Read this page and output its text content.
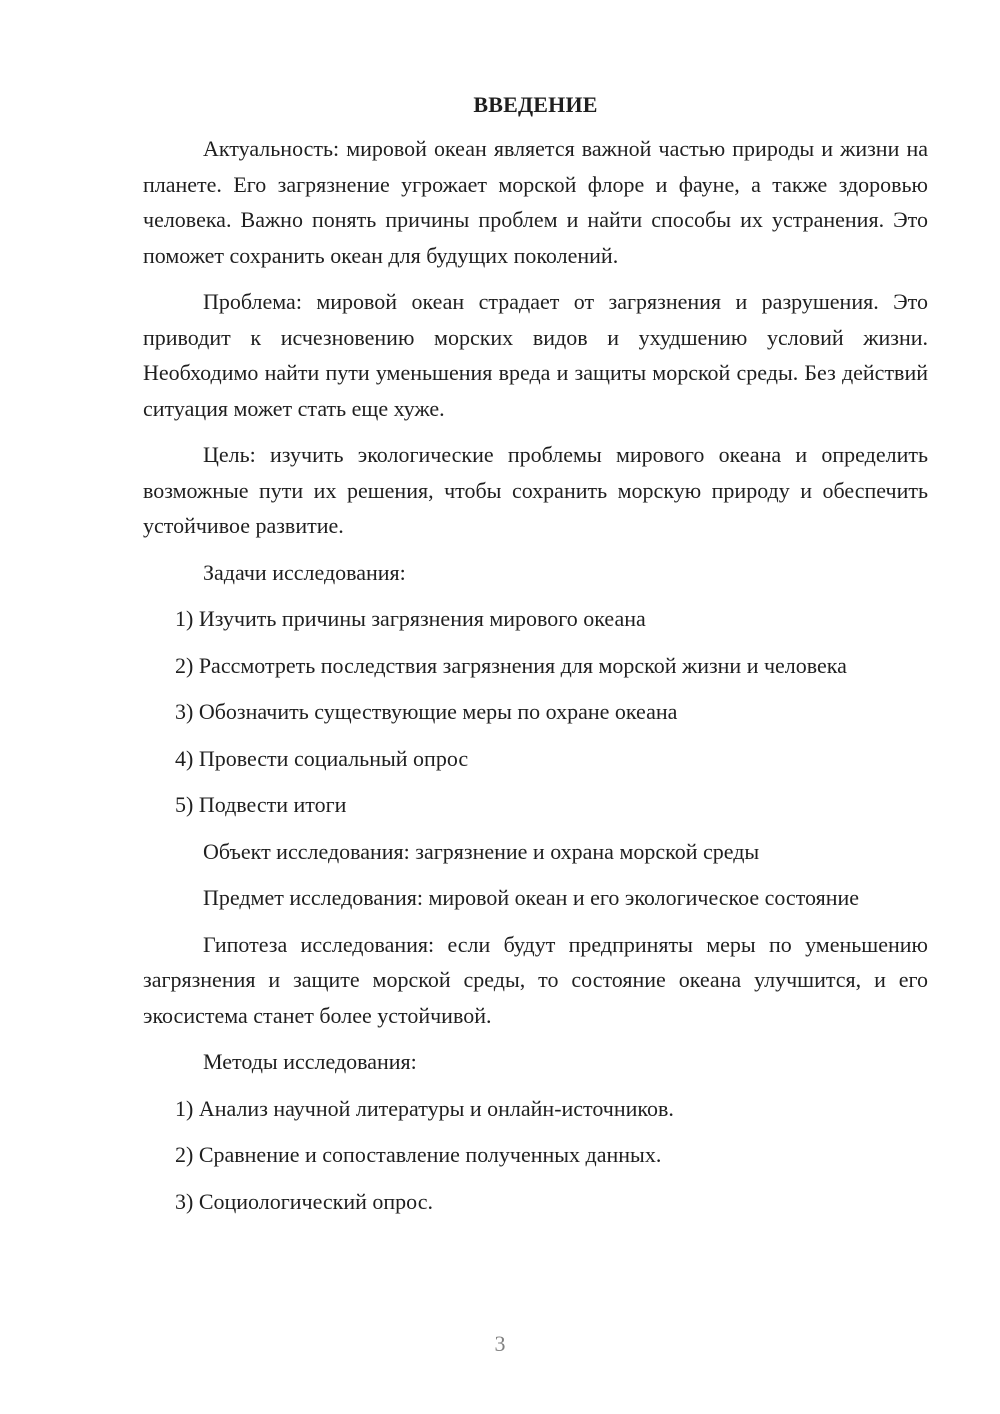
ВВЕДЕНИЕ

Актуальность: мировой океан является важной частью природы и жизни на планете. Его загрязнение угрожает морской флоре и фауне, а также здоровью человека. Важно понять причины проблем и найти способы их устранения. Это поможет сохранить океан для будущих поколений.

Проблема: мировой океан страдает от загрязнения и разрушения. Это приводит к исчезновению морских видов и ухудшению условий жизни. Необходимо найти пути уменьшения вреда и защиты морской среды. Без действий ситуация может стать еще хуже.

Цель: изучить экологические проблемы мирового океана и определить возможные пути их решения, чтобы сохранить морскую природу и обеспечить устойчивое развитие.

Задачи исследования:

1) Изучить причины загрязнения мирового океана

2) Рассмотреть последствия загрязнения для морской жизни и человека

3) Обозначить существующие меры по охране океана

4) Провести социальный опрос

5) Подвести итоги

Объект исследования: загрязнение и охрана морской среды

Предмет исследования: мировой океан и его экологическое состояние

Гипотеза исследования: если будут предприняты меры по уменьшению загрязнения и защите морской среды, то состояние океана улучшится, и его экосистема станет более устойчивой.

Методы исследования:

1) Анализ научной литературы и онлайн-источников.

2) Сравнение и сопоставление полученных данных.

3) Социологический опрос.

3
